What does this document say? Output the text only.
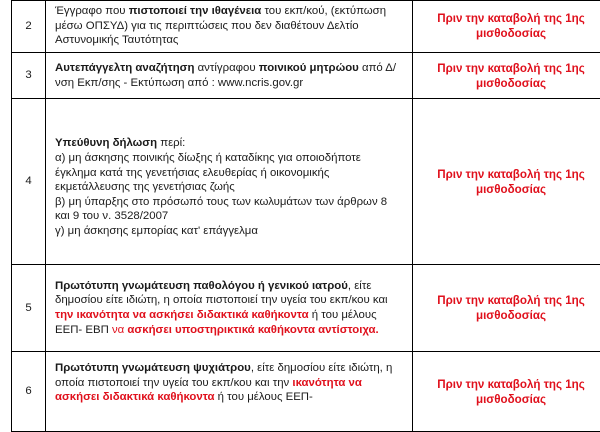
2	Έγγραφο που πιστοποιεί την ιθαγένεια του εκπ/κού, (εκτύπωση μέσω ΟΠΣΥΔ) για τις περιπτώσεις που δεν διαθέτουν Δελτίο Αστυνομικής Ταυτότητας	Πριν την καταβολή της 1ης μισθοδοσίας
3	Αυτεπάγγελτη αναζήτηση αντίγραφου ποινικού μητρώου από Δ/νση Εκπ/σης - Εκτύπωση από : www.ncris.gov.gr	Πριν την καταβολή της 1ης μισθοδοσίας
4	Υπεύθυνη δήλωση περί:
α) μη άσκησης ποινικής δίωξης ή καταδίκης για οποιοδήποτε έγκλημα κατά της γενετήσιας ελευθερίας ή οικονομικής εκμετάλλευσης της γενετήσιας ζωής
β) μη ύπαρξης στο πρόσωπό τους των κωλυμάτων των άρθρων 8 και 9 του ν. 3528/2007
γ) μη άσκησης εμπορίας κατ' επάγγελμα	Πριν την καταβολή της 1ης μισθοδοσίας
5	Πρωτότυπη γνωμάτευση παθολόγου ή γενικού ιατρού, είτε δημοσίου είτε ιδιώτη, η οποία πιστοποιεί την υγεία του εκπ/κου και την ικανότητα να ασκήσει διδακτικά καθήκοντα ή του μέλους ΕΕΠ- ΕΒΠ να ασκήσει υποστηρικτικά καθήκοντα αντίστοιχα.	Πριν την καταβολή της 1ης μισθοδοσίας
6	Πρωτότυπη γνωμάτευση ψυχιάτρου, είτε δημοσίου είτε ιδιώτη, η οποία πιστοποιεί την υγεία του εκπ/κου και την ικανότητα να ασκήσει διδακτικά καθήκοντα ή του μέλους ΕΕΠ-	Πριν την καταβολή της 1ης μισθοδοσίας
